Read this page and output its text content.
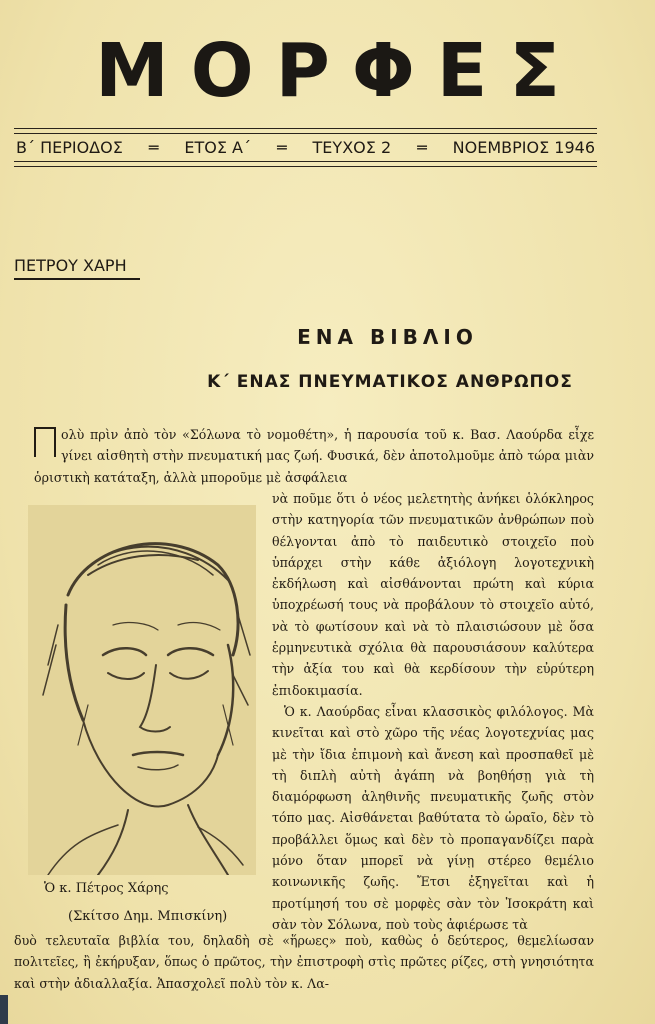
ΜΟΡΦΕΣ
Β΄ ΠΕΡΙΟΔΟΣ ═ ΕΤΟΣ Α΄ ═ ΤΕΥΧΟΣ 2 ═ ΝΟΕΜΒΡΙΟΣ 1946
ΠΕΤΡΟΥ ΧΑΡΗ
ΕΝΑ ΒΙΒΛΙΟ
Κ΄ ΕΝΑΣ ΠΝΕΥΜΑΤΙΚΟΣ ΑΝΘΡΩΠΟΣ
ολὺ πρὶν ἀπὸ τὸν «Σόλωνα τὸ νομοθέτη», ἡ παρουσία τοῦ κ. Βασ. Λαούρδα εἶχε γίνει αἰσθητὴ στὴν πνευματική μας ζωή. Φυσικά, δὲν ἀποτολμοῦμε ἀπὸ τώρα μιὰν ὁριστικὴ κατάταξη, ἀλλὰ μποροῦμε μὲ ἀσφάλεια
Ὁ κ. Πέτρος Χάρης
(Σκίτσο Δημ. Μπισκίνη)

νὰ ποῦμε ὅτι ὁ νέος μελετητὴς ἀνήκει ὁλόκληρος στὴν κατηγορία τῶν πνευματικῶν ἀνθρώπων ποὺ θέλγονται ἀπὸ τὸ παιδευτικὸ στοιχεῖο ποὺ ὑπάρχει στὴν κάθε ἀξιόλογη λογοτεχνικὴ ἐκδήλωση καὶ αἰσθάνονται πρώτη καὶ κύρια ὑποχρέωσή τους νὰ προβάλουν τὸ στοιχεῖο αὐτό, νὰ τὸ φωτίσουν καὶ νὰ τὸ πλαισιώσουν μὲ ὅσα ἑρμηνευτικὰ σχόλια θὰ παρουσιάσουν καλύτερα τὴν ἀξία του καὶ θὰ κερδίσουν τὴν εὐρύτερη ἐπιδοκιμασία.

Ὁ κ. Λαούρδας εἶναι κλασσικὸς φιλόλογος. Μὰ κινεῖται καὶ στὸ χῶρο τῆς νέας λογοτεχνίας μας μὲ τὴν ἴδια ἐπιμονὴ καὶ ἄνεση καὶ προσπαθεῖ μὲ τὴ διπλὴ αὐτὴ ἀγάπη νὰ βοηθήσῃ γιὰ τὴ διαμόρφωση ἀληθινῆς πνευματικῆς ζωῆς στὸν τόπο μας. Αἰσθάνεται βαθύτατα τὸ ὡραῖο, δὲν τὸ προβάλλει ὅμως καὶ δὲν τὸ προπαγανδίζει παρὰ μόνο ὅταν μπορεῖ νὰ γίνῃ στέρεο θεμέλιο κοινωνικῆς ζωῆς. Ἔτσι ἐξηγεῖται καὶ ἡ προτίμησή του σὲ μορφὲς σὰν τὸν Ἰσοκράτη καὶ σὰν τὸν Σόλωνα, ποὺ τοὺς ἀφιέρωσε τὰ

δυὸ τελευταῖα βιβλία του, δηλαδὴ σὲ «ἥρωες» ποὺ, καθὼς ὁ δεύτερος, θεμελίωσαν πολιτεῖες, ἢ ἐκήρυξαν, ὅπως ὁ πρῶτος, τὴν ἐπιστροφὴ στὶς πρῶτες ρίζες, στὴ γνησιότητα καὶ στὴν ἀδιαλλαξία. Ἀπασχολεῖ πολὺ τὸν κ. Λα-
